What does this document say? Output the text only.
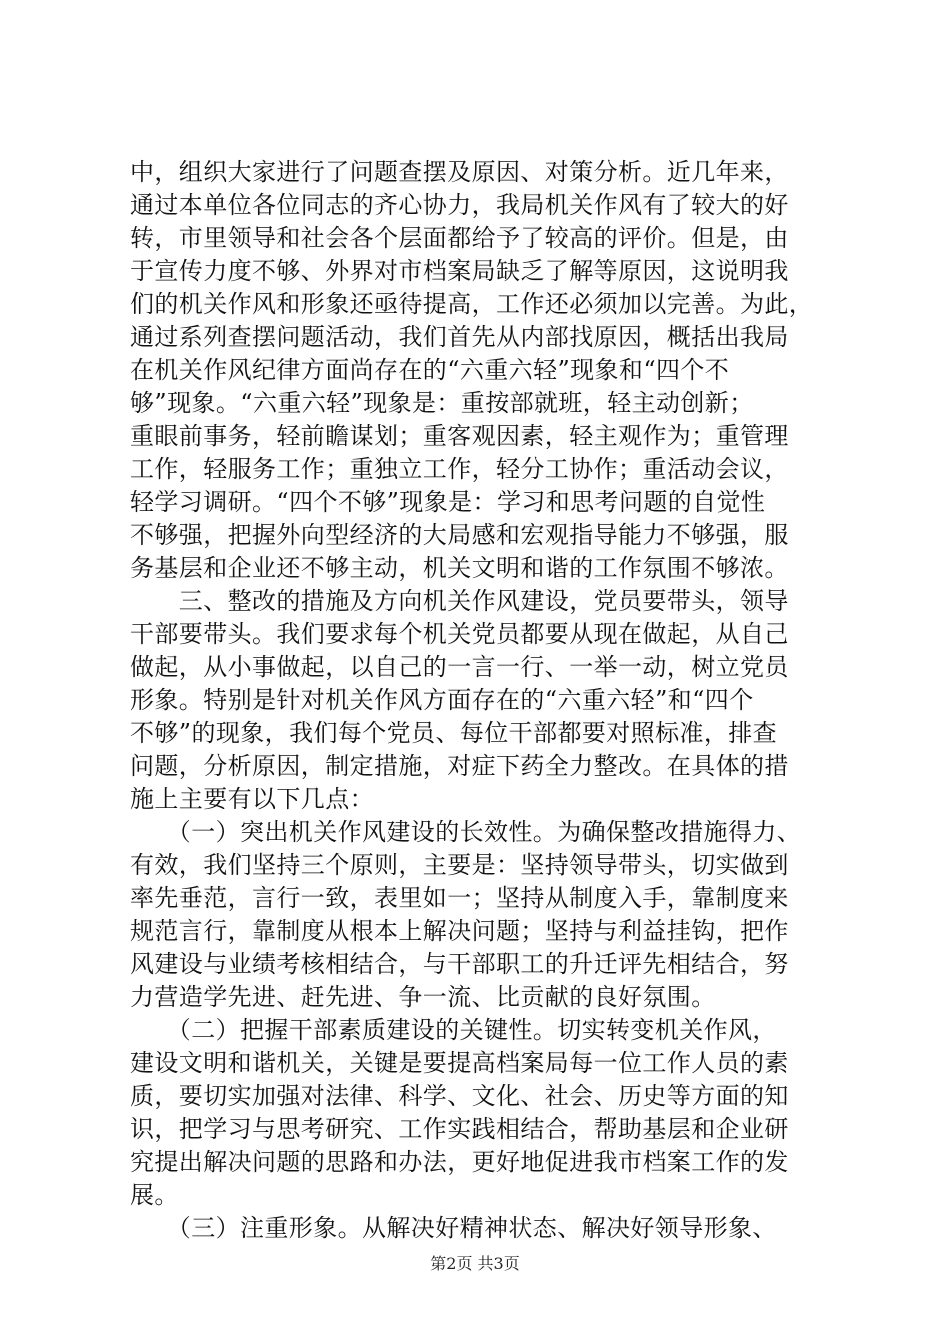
中，组织大家进行了问题查摆及原因、对策分析。近几年来，
通过本单位各位同志的齐心协力，我局机关作风有了较大的好
转，市里领导和社会各个层面都给予了较高的评价。但是，由
于宣传力度不够、外界对市档案局缺乏了解等原因，这说明我
们的机关作风和形象还亟待提高，工作还必须加以完善。为此，
通过系列查摆问题活动，我们首先从内部找原因，概括出我局
在机关作风纪律方面尚存在的“六重六轻”现象和“四个不
够”现象。“六重六轻”现象是：重按部就班，轻主动创新；
重眼前事务，轻前瞻谋划；重客观因素，轻主观作为；重管理
工作，轻服务工作；重独立工作，轻分工协作；重活动会议，
轻学习调研。“四个不够”现象是：学习和思考问题的自觉性
不够强，把握外向型经济的大局感和宏观指导能力不够强，服
务基层和企业还不够主动，机关文明和谐的工作氛围不够浓。
　　三、整改的措施及方向机关作风建设，党员要带头，领导
干部要带头。我们要求每个机关党员都要从现在做起，从自己
做起，从小事做起，以自己的一言一行、一举一动，树立党员
形象。特别是针对机关作风方面存在的“六重六轻”和“四个
不够”的现象，我们每个党员、每位干部都要对照标准，排查
问题，分析原因，制定措施，对症下药全力整改。在具体的措
施上主要有以下几点：
　　（一）突出机关作风建设的长效性。为确保整改措施得力、
有效，我们坚持三个原则，主要是：坚持领导带头，切实做到
率先垂范，言行一致，表里如一；坚持从制度入手，靠制度来
规范言行，靠制度从根本上解决问题；坚持与利益挂钩，把作
风建设与业绩考核相结合，与干部职工的升迁评先相结合，努
力营造学先进、赶先进、争一流、比贡献的良好氛围。
　　（二）把握干部素质建设的关键性。切实转变机关作风，
建设文明和谐机关，关键是要提高档案局每一位工作人员的素
质，要切实加强对法律、科学、文化、社会、历史等方面的知
识，把学习与思考研究、工作实践相结合，帮助基层和企业研
究提出解决问题的思路和办法，更好地促进我市档案工作的发
展。
　　（三）注重形象。从解决好精神状态、解决好领导形象、
第2页 共3页
